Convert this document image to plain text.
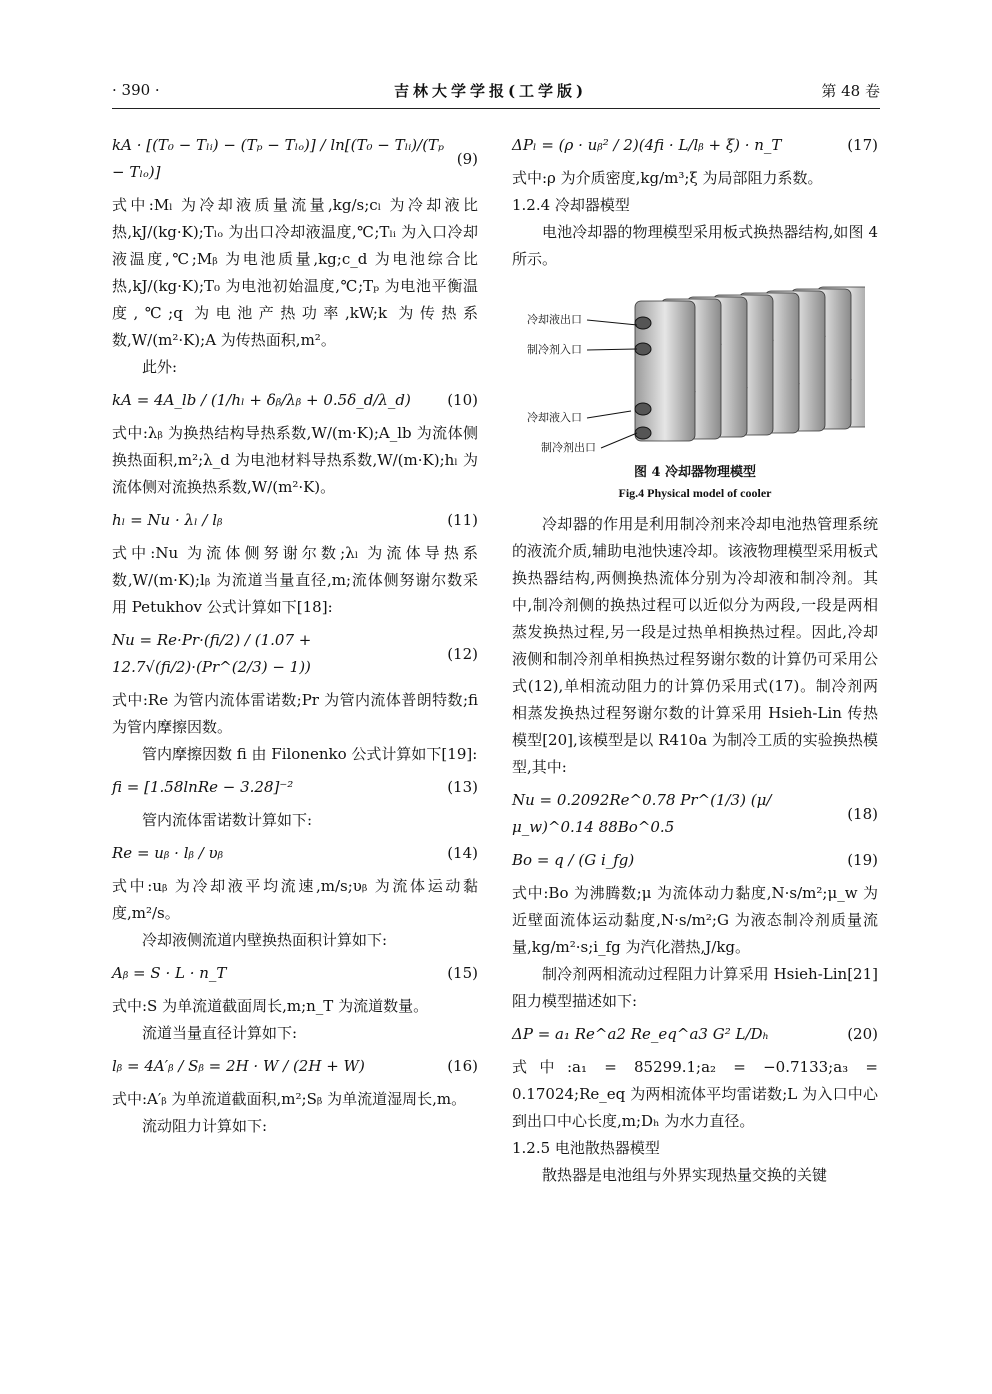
· 390 ·	吉林大学学报(工学版)	第 48 卷
kA · [(T₀ − Tₗᵢ) − (Tₚ − Tₗₒ)] / ln[(T₀ − Tₗᵢ)/(Tₚ − Tₗₒ)]
(9)

式中:Mₗ 为冷却液质量流量,kg/s;cₗ 为冷却液比热,kJ/(kg·K);Tₗₒ 为出口冷却液温度,℃;Tₗᵢ 为入口冷却液温度,℃;Mᵦ 为电池质量,kg;c_d 为电池综合比热,kJ/(kg·K);T₀ 为电池初始温度,℃;Tₚ 为电池平衡温度,℃;q 为电池产热功率,kW;k 为传热系数,W/(m²·K);A 为传热面积,m²。

此外:

kA = 4A_lb / (1/hₗ + δᵦ/λᵦ + 0.5δ_d/λ_d) (10)

式中:λᵦ 为换热结构导热系数,W/(m·K);A_lb 为流体侧换热面积,m²;λ_d 为电池材料导热系数,W/(m·K);hₗ 为流体侧对流换热系数,W/(m²·K)。

hₗ = Nu · λₗ / lᵦ	(11)

式中:Nu 为流体侧努谢尔数;λₗ 为流体导热系数,W/(m·K);lᵦ 为流道当量直径,m;流体侧努谢尔数采用 Petukhov 公式计算如下[18]:

Nu = Re·Pr·(fi/2) / (1.07 + 12.7√(fi/2)·(Pr^(2/3) − 1))
(12)

式中:Re 为管内流体雷诺数;Pr 为管内流体普朗特数;fi 为管内摩擦因数。

管内摩擦因数 fi 由 Filonenko 公式计算如下[19]:

fi = [1.58lnRe − 3.28]⁻²	(13)

管内流体雷诺数计算如下:

Re = uᵦ · lᵦ / υᵦ	(14)

式中:uᵦ 为冷却液平均流速,m/s;υᵦ 为流体运动黏度,m²/s。

冷却液侧流道内壁换热面积计算如下:

Aᵦ = S · L · n_T	(15)

式中:S 为单流道截面周长,m;n_T 为流道数量。

流道当量直径计算如下:

lᵦ = 4A′ᵦ / Sᵦ = 2H · W / (2H + W)	(16)

式中:A′ᵦ 为单流道截面积,m²;Sᵦ 为单流道湿周长,m。

流动阻力计算如下:

ΔPₗ = (ρ · uᵦ² / 2)(4fi · L/lᵦ + ξ) · n_T	(17)

式中:ρ 为介质密度,kg/m³;ξ 为局部阻力系数。

1.2.4 冷却器模型

电池冷却器的物理模型采用板式换热器结构,如图 4 所示。

冷却液出口
制冷剂入口
冷却液入口
制冷剂出口
图 4 冷却器物理模型
Fig.4 Physical model of cooler

冷却器的作用是利用制冷剂来冷却电池热管理系统的液流介质,辅助电池快速冷却。该液物理模型采用板式换热器结构,两侧换热流体分别为冷却液和制冷剂。其中,制冷剂侧的换热过程可以近似分为两段,一段是两相蒸发换热过程,另一段是过热单相换热过程。因此,冷却液侧和制冷剂单相换热过程努谢尔数的计算仍可采用公式(12),单相流动阻力的计算仍采用式(17)。制冷剂两相蒸发换热过程努谢尔数的计算采用 Hsieh-Lin 传热模型[20],该模型是以 R410a 为制冷工质的实验换热模型,其中:

Nu = 0.2092Re^0.78 Pr^(1/3) (μ/μ_w)^0.14 88Bo^0.5
(18)
Bo = q / (G i_fg)	(19)

式中:Bo 为沸腾数;μ 为流体动力黏度,N·s/m²;μ_w 为近壁面流体运动黏度,N·s/m²;G 为液态制冷剂质量流量,kg/m²·s;i_fg 为汽化潜热,J/kg。

制冷剂两相流动过程阻力计算采用 Hsieh-Lin[21] 阻力模型描述如下:

ΔP = a₁ Re^a2 Re_eq^a3 G² L/Dₕ	(20)

式中:a₁ = 85299.1;a₂ = −0.7133;a₃ = 0.17024;Re_eq 为两相流体平均雷诺数;L 为入口中心到出口中心长度,m;Dₕ 为水力直径。

1.2.5 电池散热器模型

散热器是电池组与外界实现热量交换的关键
